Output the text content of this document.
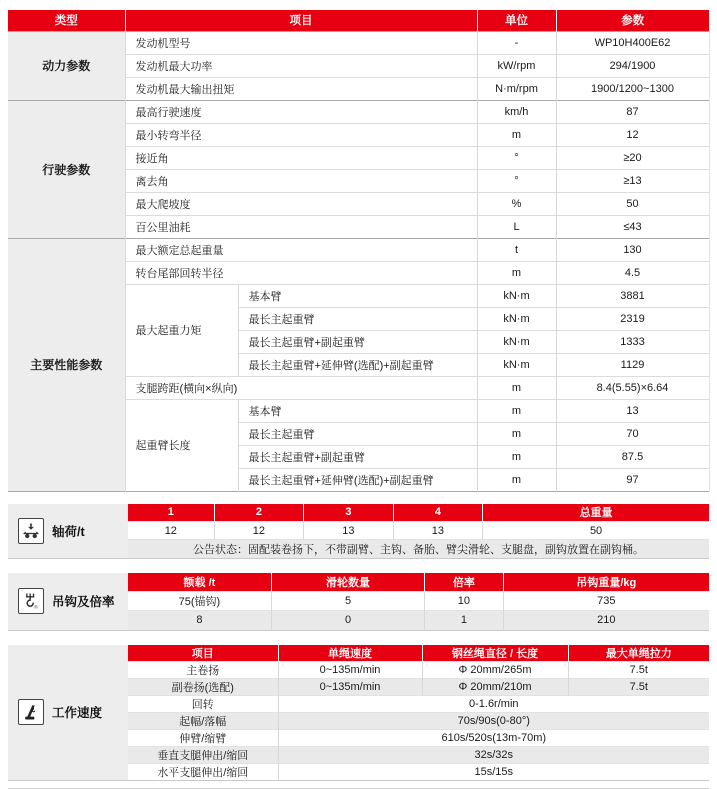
类型	项目		单位	参数
动力参数	发动机型号		-	WP10H400E62
	发动机最大功率		kW/rpm	294/1900
	发动机最大输出扭矩		N·m/rpm	1900/1200~1300
行驶参数	最高行驶速度		km/h	87
	最小转弯半径		m	12
	接近角		°	≥20
	离去角		°	≥13
	最大爬坡度		%	50
	百公里油耗		L	≤43
主要性能参数	最大额定总起重量		t	130
	转台尾部回转半径		m	4.5
	最大起重力矩	基本臂	kN·m	3881
		最长主起重臂	kN·m	2319
		最长主起重臂+副起重臂	kN·m	1333
		最长主起重臂+延伸臂(选配)+副起重臂	kN·m	1129
	支腿跨距(横向×纵向)		m	8.4(5.55)×6.64
	起重臂长度	基本臂	m	13
		最长主起重臂	m	70
		最长主起重臂+副起重臂	m	87.5
		最长主起重臂+延伸臂(选配)+副起重臂	m	97
轴荷/t
1	2	3	4	总重量
12	12	13	13	50
公告状态：固配装卷扬下，不带副臂、主钩、备胎、臂尖滑轮、支腿盘，副钩放置在副钩桶。				
n 吊钩及倍率
额载 /t	滑轮数量	倍率	吊钩重量/kg
75(锚钩)	5	10	735
8	0	1	210
工作速度
项目	单绳速度	钢丝绳直径 / 长度	最大单绳拉力
主卷扬	0~135m/min	Φ 20mm/265m	7.5t
副卷扬(选配)	0~135m/min	Φ 20mm/210m	7.5t
回转	0-1.6r/min		
起幅/落幅	70s/90s(0-80°)		
伸臂/缩臂	610s/520s(13m-70m)		
垂直支腿伸出/缩回	32s/32s		
水平支腿伸出/缩回	15s/15s		
